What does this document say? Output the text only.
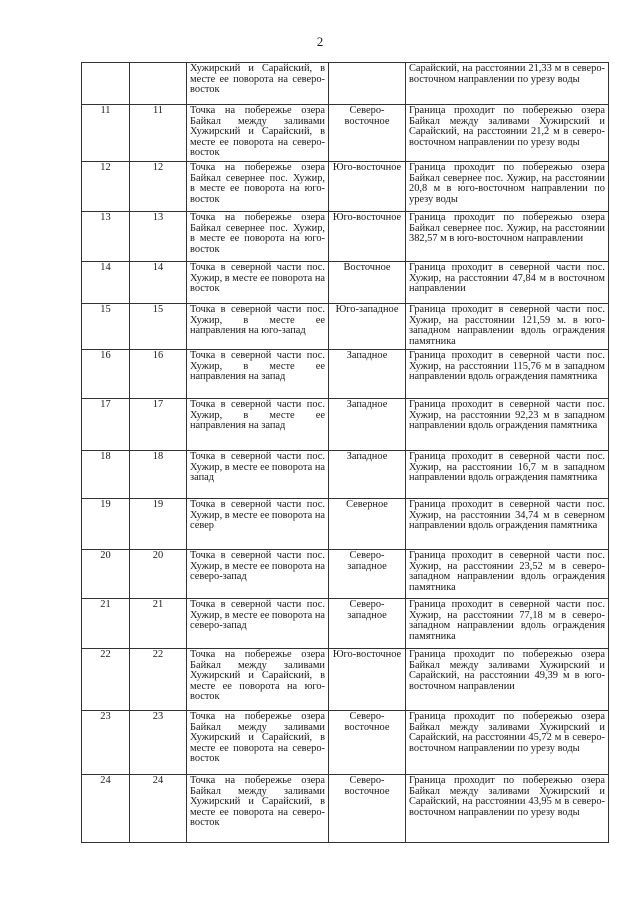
2
		Хужирский и Сарайский, в месте ее поворота на северо-восток		Сарайский, на расстоянии 21,33 м в северо-восточном направлении по урезу воды
11	11	Точка на побережье озера Байкал между заливами Хужирский и Сарайский, в месте ее поворота на северо-восток	Северо-восточное	Граница проходит по побережью озера Байкал между заливами Хужирский и Сарайский, на расстоянии 21,2 м в северо-восточном направлении по урезу воды
12	12	Точка на побережье озера Байкал севернее пос. Хужир, в месте ее поворота на юго-восток	Юго-восточное	Граница проходит по побережью озера Байкал севернее пос. Хужир, на расстоянии 20,8 м в юго-восточном направлении по урезу воды
13	13	Точка на побережье озера Байкал севернее пос. Хужир, в месте ее поворота на юго-восток	Юго-восточное	Граница проходит по побережью озера Байкал севернее пос. Хужир, на расстоянии 382,57 м в юго-восточном направлении
14	14	Точка в северной части пос. Хужир, в месте ее поворота на восток	Восточное	Граница проходит в северной части пос. Хужир, на расстоянии 47,84 м в восточном направлении
15	15	Точка в северной части пос. Хужир, в месте ее направления на юго-запад	Юго-западное	Граница проходит в северной части пос. Хужир, на расстоянии 121,59 м. в юго-западном направлении вдоль ограждения памятника
16	16	Точка в северной части пос. Хужир, в месте ее направления на запад	Западное	Граница проходит в северной части пос. Хужир, на расстоянии 115,76 м в западном направлении вдоль ограждения памятника
17	17	Точка в северной части пос. Хужир, в месте ее направления на запад	Западное	Граница проходит в северной части пос. Хужир, на расстоянии 92,23 м в западном направлении вдоль ограждения памятника
18	18	Точка в северной части пос. Хужир, в месте ее поворота на запад	Западное	Граница проходит в северной части пос. Хужир, на расстоянии 16,7 м в западном направлении вдоль ограждения памятника
19	19	Точка в северной части пос. Хужир, в месте ее поворота на север	Северное	Граница проходит в северной части пос. Хужир, на расстоянии 34,74 м в северном направлении вдоль ограждения памятника
20	20	Точка в северной части пос. Хужир, в месте ее поворота на северо-запад	Северо-западное	Граница проходит в северной части пос. Хужир, на расстоянии 23,52 м в северо-западном направлении вдоль ограждения памятника
21	21	Точка в северной части пос. Хужир, в месте ее поворота на северо-запад	Северо-западное	Граница проходит в северной части пос. Хужир, на расстоянии 77,18 м в северо-западном направлении вдоль ограждения памятника
22	22	Точка на побережье озера Байкал между заливами Хужирский и Сарайский, в месте ее поворота на юго-восток	Юго-восточное	Граница проходит по побережью озера Байкал между заливами Хужирский и Сарайский, на расстоянии 49,39 м в юго-восточном направлении
23	23	Точка на побережье озера Байкал между заливами Хужирский и Сарайский, в месте ее поворота на северо-восток	Северо-восточное	Граница проходит по побережью озера Байкал между заливами Хужирский и Сарайский, на расстоянии 45,72 м в северо-восточном направлении по урезу воды
24	24	Точка на побережье озера Байкал между заливами Хужирский и Сарайский, в месте ее поворота на северо-восток	Северо-восточное	Граница проходит по побережью озера Байкал между заливами Хужирский и Сарайский, на расстоянии 43,95 м в северо-восточном направлении по урезу воды
